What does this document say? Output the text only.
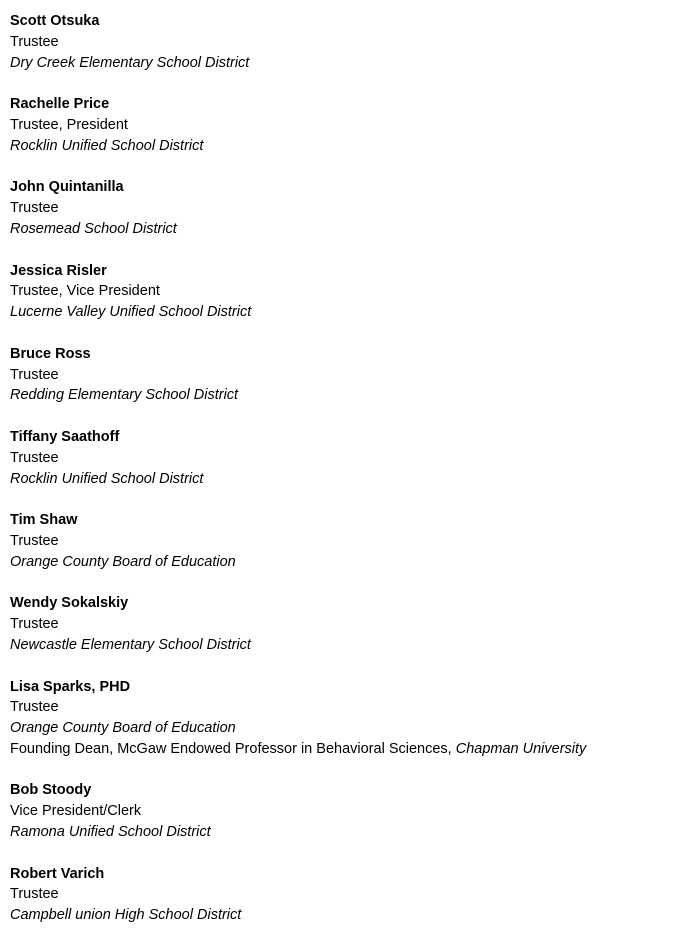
Scott Otsuka
Trustee
Dry Creek Elementary School District
Rachelle Price
Trustee, President
Rocklin Unified School District
John Quintanilla
Trustee
Rosemead School District
Jessica Risler
Trustee, Vice President
Lucerne Valley Unified School District
Bruce Ross
Trustee
Redding Elementary School District
Tiffany Saathoff
Trustee
Rocklin Unified School District
Tim Shaw
Trustee
Orange County Board of Education
Wendy Sokalskiy
Trustee
Newcastle Elementary School District
Lisa Sparks, PHD
Trustee
Orange County Board of Education
Founding Dean, McGaw Endowed Professor in Behavioral Sciences, Chapman University
Bob Stoody
Vice President/Clerk
Ramona Unified School District
Robert Varich
Trustee
Campbell union High School District
